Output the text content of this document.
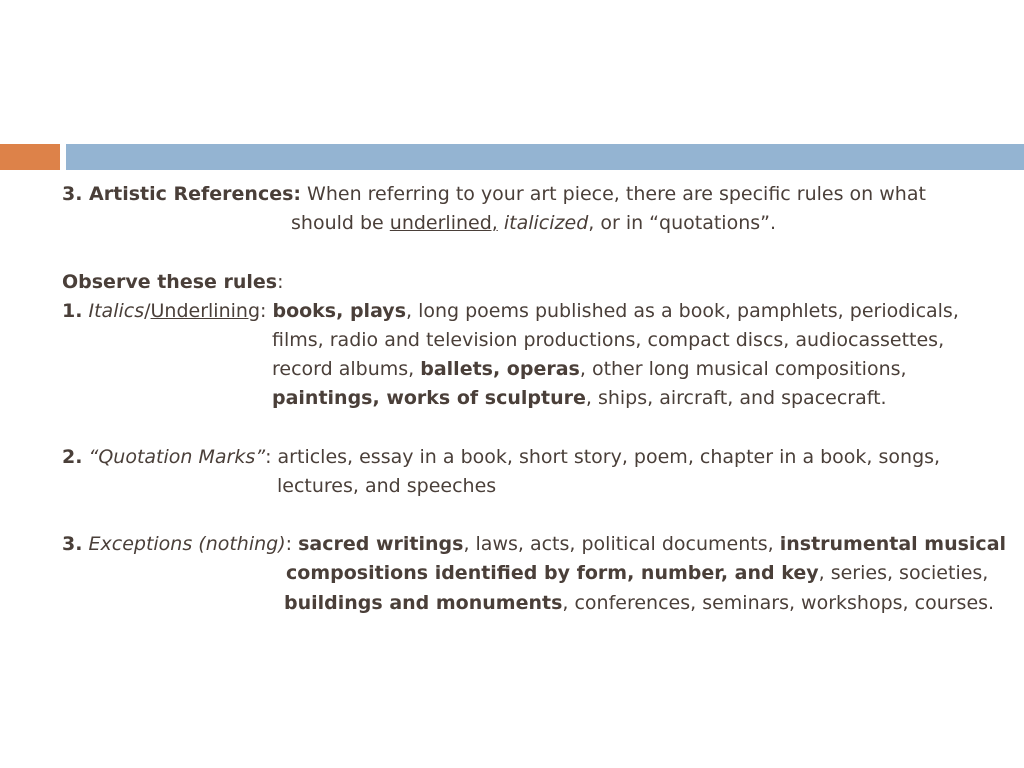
3. Artistic References: When referring to your art piece, there are specific rules on what
should be underlined, italicized, or in “quotations”.
Observe these rules:
1. Italics/Underlining: books, plays, long poems published as a book, pamphlets, periodicals,
films, radio and television productions, compact discs, audiocassettes,
record albums, ballets, operas, other long musical compositions,
paintings, works of sculpture, ships, aircraft, and spacecraft.
2. “Quotation Marks”: articles, essay in a book, short story, poem, chapter in a book, songs,
lectures, and speeches
3. Exceptions (nothing): sacred writings, laws, acts, political documents, instrumental musical
compositions identified by form, number, and key, series, societies,
buildings and monuments, conferences, seminars, workshops, courses.
